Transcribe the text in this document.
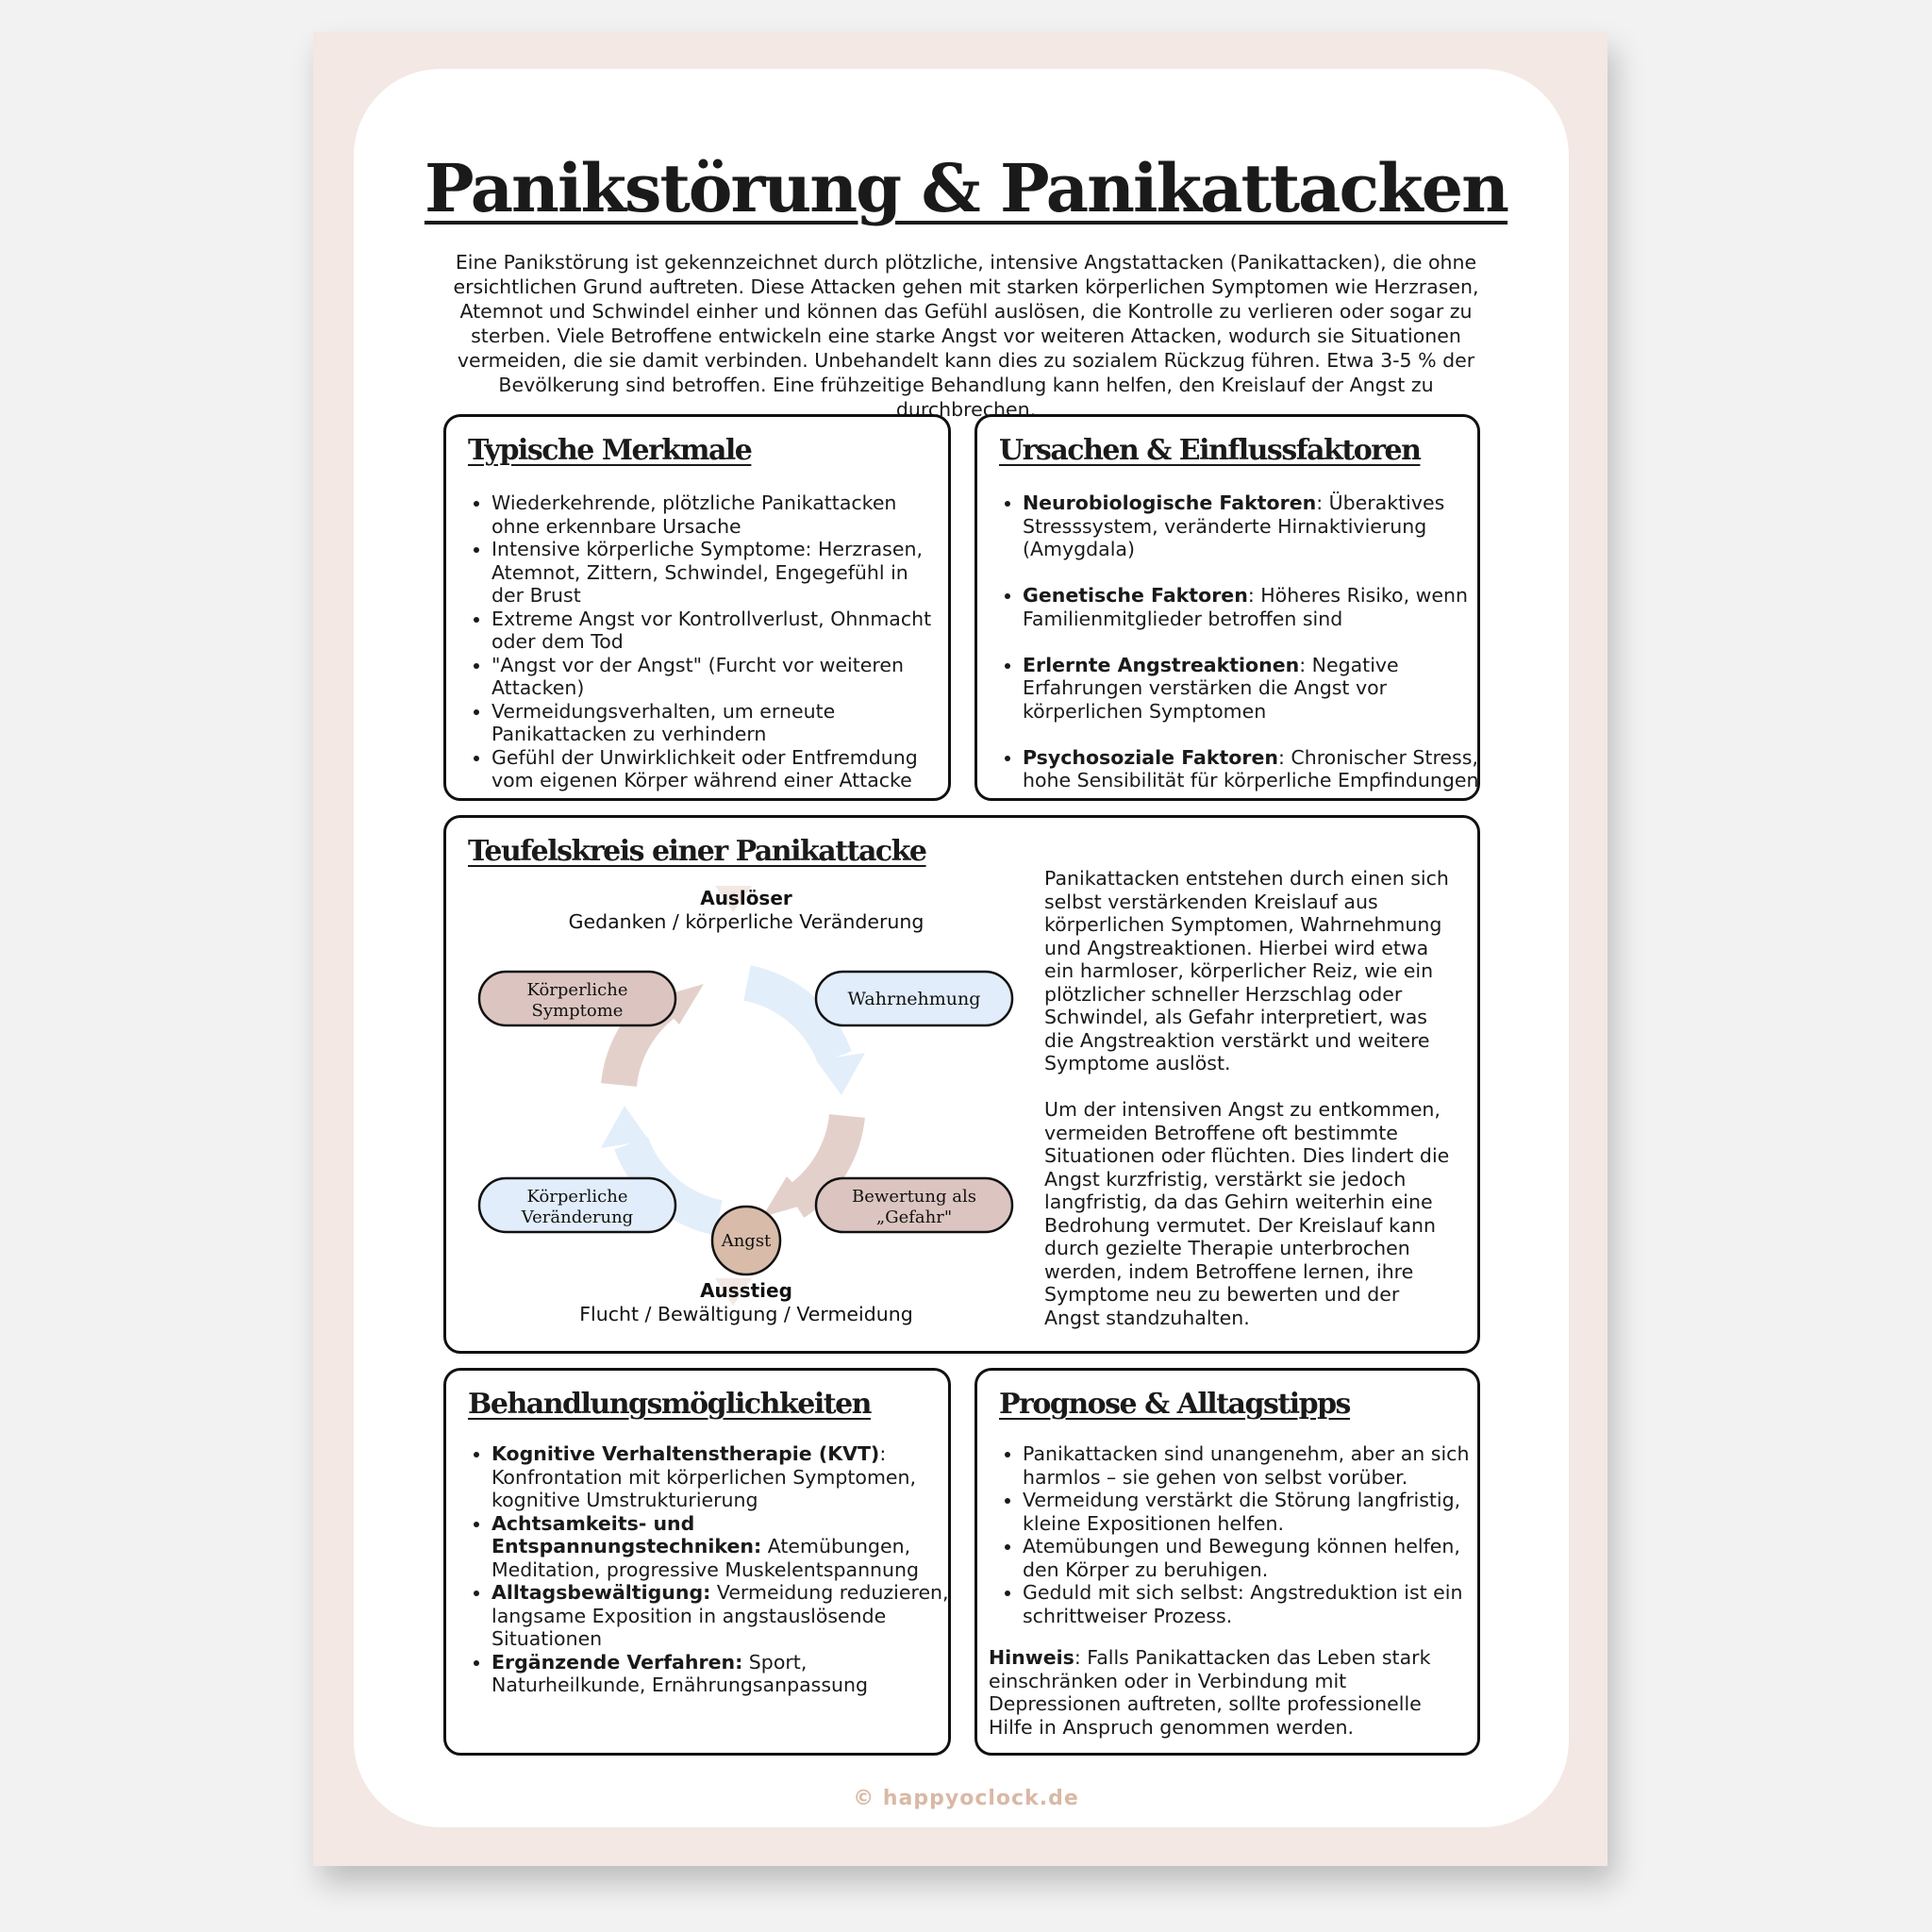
Panikstörung & Panikattacken

Eine Panikstörung ist gekennzeichnet durch plötzliche, intensive Angstattacken (Panikattacken), die ohne ersichtlichen Grund auftreten. Diese Attacken gehen mit starken körperlichen Symptomen wie Herzrasen, Atemnot und Schwindel einher und können das Gefühl auslösen, die Kontrolle zu verlieren oder sogar zu sterben. Viele Betroffene entwickeln eine starke Angst vor weiteren Attacken, wodurch sie Situationen vermeiden, die sie damit verbinden. Unbehandelt kann dies zu sozialem Rückzug führen. Etwa 3-5 % der Bevölkerung sind betroffen. Eine frühzeitige Behandlung kann helfen, den Kreislauf der Angst zu durchbrechen.

Typische Merkmale
• Wiederkehrende, plötzliche Panikattacken ohne erkennbare Ursache
• Intensive körperliche Symptome: Herzrasen, Atemnot, Zittern, Schwindel, Engegefühl in der Brust
• Extreme Angst vor Kontrollverlust, Ohnmacht oder dem Tod
• "Angst vor der Angst" (Furcht vor weiteren Attacken)
• Vermeidungsverhalten, um erneute Panikattacken zu verhindern
• Gefühl der Unwirklichkeit oder Entfremdung vom eigenen Körper während einer Attacke
Ursachen & Einflussfaktoren
• Neurobiologische Faktoren: Überaktives Stresssystem, veränderte Hirnaktivierung (Amygdala)
• Genetische Faktoren: Höheres Risiko, wenn Familienmitglieder betroffen sind
• Erlernte Angstreaktionen: Negative Erfahrungen verstärken die Angst vor körperlichen Symptomen
• Psychosoziale Faktoren: Chronischer Stress, hohe Sensibilität für körperliche Empfindungen
Teufelskreis einer Panikattacke
Auslöser
Gedanken / körperliche Veränderung
Ausstieg
Flucht / Bewältigung / Vermeidung
Körperliche
Symptome
Wahrnehmung
Körperliche
Veränderung
Bewertung als
„Gefahr"
Angst

Panikattacken entstehen durch einen sich selbst verstärkenden Kreislauf aus körperlichen Symptomen, Wahrnehmung und Angstreaktionen. Hierbei wird etwa ein harmloser, körperlicher Reiz, wie ein plötzlicher schneller Herzschlag oder Schwindel, als Gefahr interpretiert, was die Angstreaktion verstärkt und weitere Symptome auslöst.

Um der intensiven Angst zu entkommen, vermeiden Betroffene oft bestimmte Situationen oder flüchten. Dies lindert die Angst kurzfristig, verstärkt sie jedoch langfristig, da das Gehirn weiterhin eine Bedrohung vermutet. Der Kreislauf kann durch gezielte Therapie unterbrochen werden, indem Betroffene lernen, ihre Symptome neu zu bewerten und der Angst standzuhalten.

Behandlungsmöglichkeiten
• Kognitive Verhaltenstherapie (KVT): Konfrontation mit körperlichen Symptomen, kognitive Umstrukturierung
• Achtsamkeits- und Entspannungstechniken: Atemübungen, Meditation, progressive Muskelentspannung
• Alltagsbewältigung: Vermeidung reduzieren, langsame Exposition in angstauslösende Situationen
• Ergänzende Verfahren: Sport, Naturheilkunde, Ernährungsanpassung
Prognose & Alltagstipps
• Panikattacken sind unangenehm, aber an sich harmlos – sie gehen von selbst vorüber.
• Vermeidung verstärkt die Störung langfristig, kleine Expositionen helfen.
• Atemübungen und Bewegung können helfen, den Körper zu beruhigen.
• Geduld mit sich selbst: Angstreduktion ist ein schrittweiser Prozess.

Hinweis: Falls Panikattacken das Leben stark einschränken oder in Verbindung mit Depressionen auftreten, sollte professionelle Hilfe in Anspruch genommen werden.

© happyoclock.de
